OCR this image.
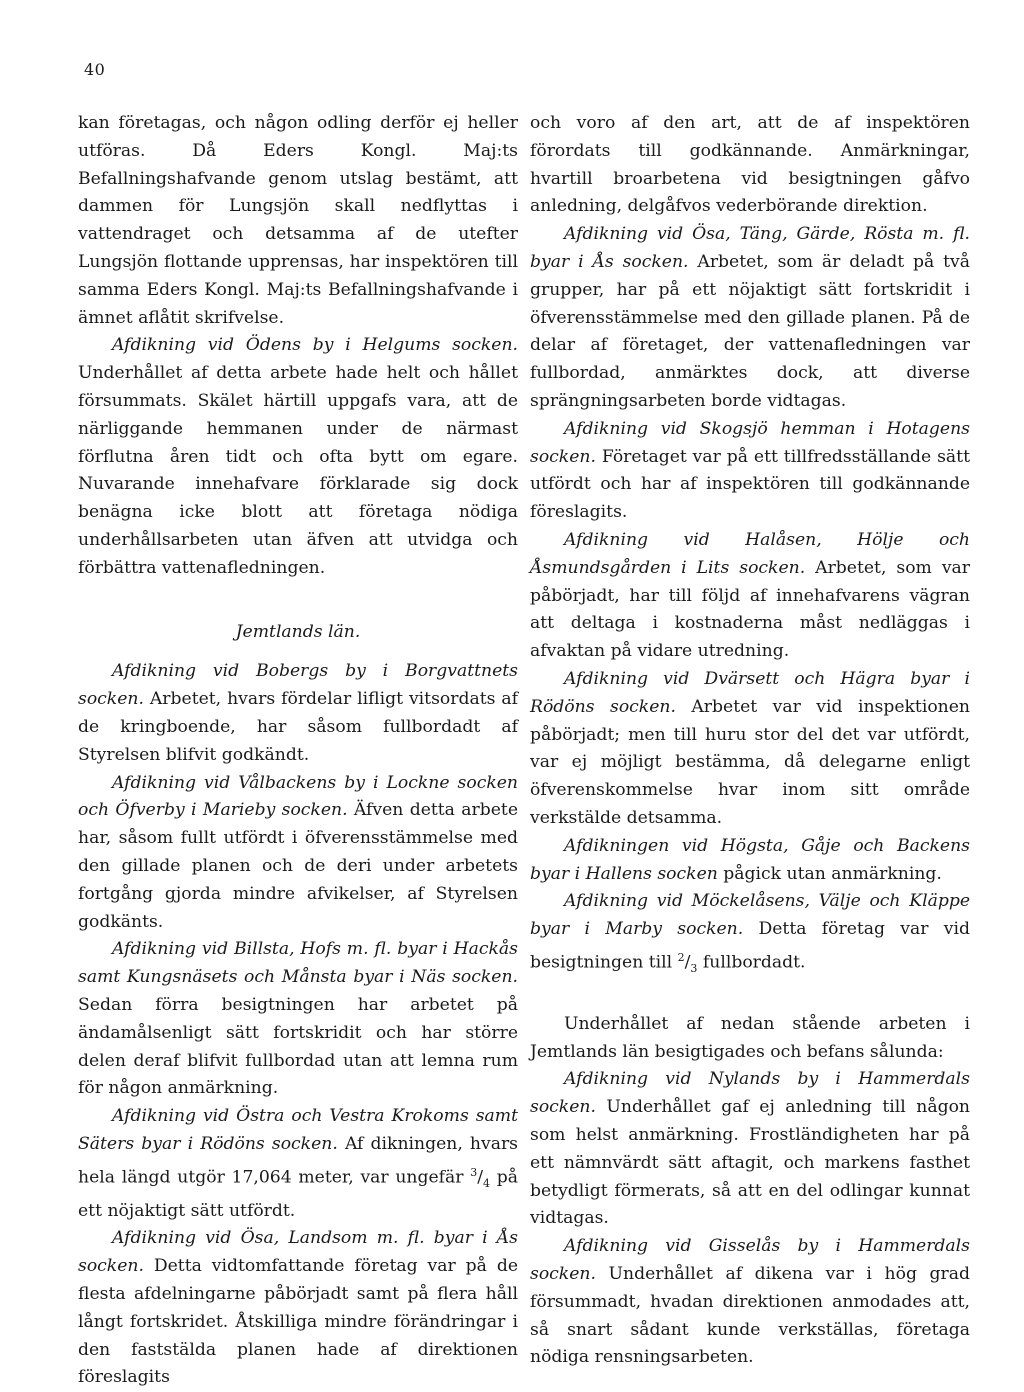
40

kan företagas, och någon odling derför ej heller utföras. Då Eders Kongl. Maj:ts Befallningshafvande genom utslag bestämt, att dammen för Lungsjön skall nedflyttas i vattendraget och detsamma af de utefter Lungsjön flottande upprensas, har inspektören till samma Eders Kongl. Maj:ts Befallningshafvande i ämnet aflåtit skrifvelse.

Afdikning vid Ödens by i Helgums socken. Underhållet af detta arbete hade helt och hållet försummats. Skälet härtill uppgafs vara, att de närliggande hemmanen under de närmast förflutna åren tidt och ofta bytt om egare. Nuvarande innehafvare förklarade sig dock benägna icke blott att företaga nödiga underhållsarbeten utan äfven att utvidga och förbättra vattenafledningen.

Jemtlands län.

Afdikning vid Bobergs by i Borgvattnets socken. Arbetet, hvars fördelar lifligt vitsordats af de kringboende, har såsom fullbordadt af Styrelsen blifvit godkändt.

Afdikning vid Vålbackens by i Lockne socken och Öfverby i Marieby socken. Äfven detta arbete har, såsom fullt utfördt i öfverensstämmelse med den gillade planen och de deri under arbetets fortgång gjorda mindre afvikelser, af Styrelsen godkänts.

Afdikning vid Billsta, Hofs m. fl. byar i Hackås samt Kungsnäsets och Månsta byar i Näs socken. Sedan förra besigtningen har arbetet på ändamålsenligt sätt fortskridit och har större delen deraf blifvit fullbordad utan att lemna rum för någon anmärkning.

Afdikning vid Östra och Vestra Krokoms samt Säters byar i Rödöns socken. Af dikningen, hvars hela längd utgör 17,064 meter, var ungefär $^3/_4$ på ett nöjaktigt sätt utfördt.

Afdikning vid Ösa, Landsom m. fl. byar i Ås socken. Detta vidtomfattande företag var på de flesta afdelningarne påbörjadt samt på flera håll långt fortskridet. Åtskilliga mindre förändringar i den faststälda planen hade af direktionen föreslagits

och voro af den art, att de af inspektören förordats till godkännande. Anmärkningar, hvartill broarbetena vid besigtningen gåfvo anledning, delgåfvos vederbörande direktion.

Afdikning vid Ösa, Täng, Gärde, Rösta m. fl. byar i Ås socken. Arbetet, som är deladt på två grupper, har på ett nöjaktigt sätt fortskridit i öfverensstämmelse med den gillade planen. På de delar af företaget, der vattenafledningen var fullbordad, anmärktes dock, att diverse sprängningsarbeten borde vidtagas.

Afdikning vid Skogsjö hemman i Hotagens socken. Företaget var på ett tillfredsställande sätt utfördt och har af inspektören till godkännande föreslagits.

Afdikning vid Halåsen, Hölje och Åsmundsgården i Lits socken. Arbetet, som var påbörjadt, har till följd af innehafvarens vägran att deltaga i kostnaderna måst nedläggas i afvaktan på vidare utredning.

Afdikning vid Dvärsett och Hägra byar i Rödöns socken. Arbetet var vid inspektionen påbörjadt; men till huru stor del det var utfördt, var ej möjligt bestämma, då delegarne enligt öfverenskommelse hvar inom sitt område verkstälde detsamma.

Afdikningen vid Högsta, Gåje och Backens byar i Hallens socken pågick utan anmärkning.

Afdikning vid Möckelåsens, Välje och Kläppe byar i Marby socken. Detta företag var vid besigtningen till $^2/_3$ fullbordadt.

Underhållet af nedan stående arbeten i Jemtlands län besigtigades och befans sålunda:

Afdikning vid Nylands by i Hammerdals socken. Underhållet gaf ej anledning till någon som helst anmärkning. Frostländigheten har på ett nämnvärdt sätt aftagit, och markens fasthet betydligt förmerats, så att en del odlingar kunnat vidtagas.

Afdikning vid Gisselås by i Hammerdals socken. Underhållet af dikena var i hög grad försummadt, hvadan direktionen anmodades att, så snart sådant kunde verkställas, företaga nödiga rensningsarbeten.
